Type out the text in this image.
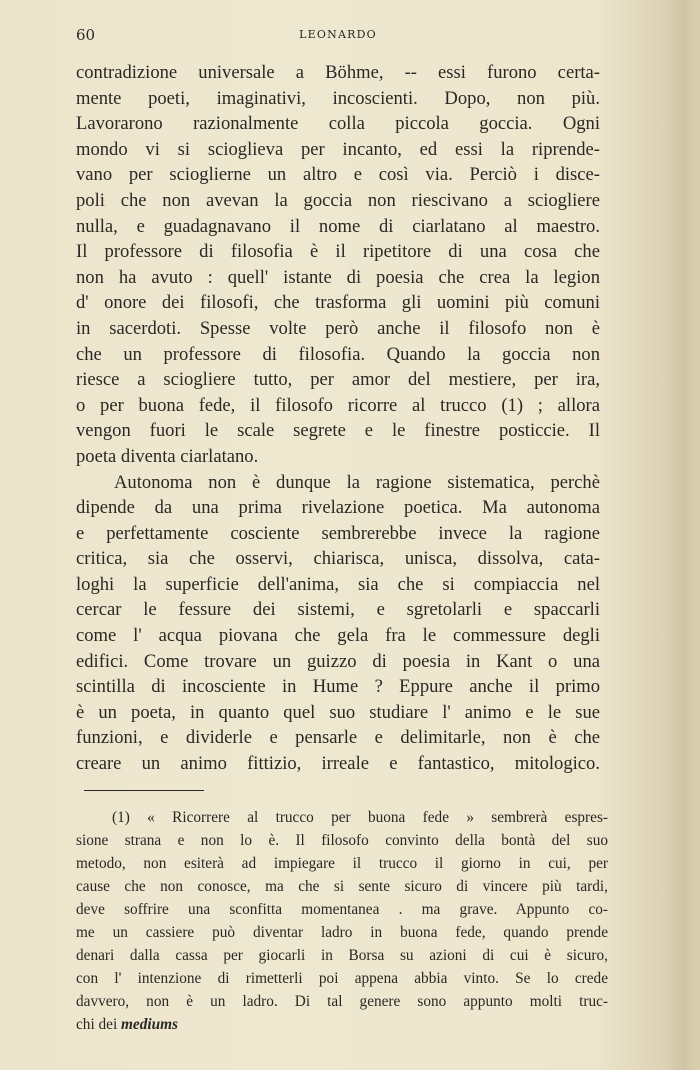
60	LEONARDO
contradizione universale a Böhme, -- essi furono certa-
mente poeti, imaginativi, incoscienti. Dopo, non più.
Lavorarono razionalmente colla piccola goccia. Ogni
mondo vi si scioglieva per incanto, ed essi la riprende-
vano per scioglierne un altro e così via. Perciò i disce-
poli che non avevan la goccia non riescivano a sciogliere
nulla, e guadagnavano il nome di ciarlatano al maestro.
Il professore di filosofia è il ripetitore di una cosa che
non ha avuto : quell' istante di poesia che crea la legion
d' onore dei filosofi, che trasforma gli uomini più comuni
in sacerdoti. Spesse volte però anche il filosofo non è
che un professore di filosofia. Quando la goccia non
riesce a sciogliere tutto, per amor del mestiere, per ira,
o per buona fede, il filosofo ricorre al trucco (1) ; allora
vengon fuori le scale segrete e le finestre posticcie. Il
poeta diventa ciarlatano.
Autonoma non è dunque la ragione sistematica, perchè
dipende da una prima rivelazione poetica. Ma autonoma
e perfettamente cosciente sembrerebbe invece la ragione
critica, sia che osservi, chiarisca, unisca, dissolva, cata-
loghi la superficie dell'anima, sia che si compiaccia nel
cercar le fessure dei sistemi, e sgretolarli e spaccarli
come l' acqua piovana che gela fra le commessure degli
edifici. Come trovare un guizzo di poesia in Kant o una
scintilla di incosciente in Hume ? Eppure anche il primo
è un poeta, in quanto quel suo studiare l' animo e le sue
funzioni, e dividerle e pensarle e delimitarle, non è che
creare un animo fittizio, irreale e fantastico, mitologico.
(1) « Ricorrere al trucco per buona fede » sembrerà espres-
sione strana e non lo è. Il filosofo convinto della bontà del suo
metodo, non esiterà ad impiegare il trucco il giorno in cui, per
cause che non conosce, ma che si sente sicuro di vincere più tardi,
deve soffrire una sconfitta momentanea . ma grave. Appunto co-
me un cassiere può diventar ladro in buona fede, quando prende
denari dalla cassa per giocarli in Borsa su azioni di cui è sicuro,
con l' intenzione di rimetterli poi appena abbia vinto. Se lo crede
davvero, non è un ladro. Di tal genere sono appunto molti truc-
chi dei mediums
